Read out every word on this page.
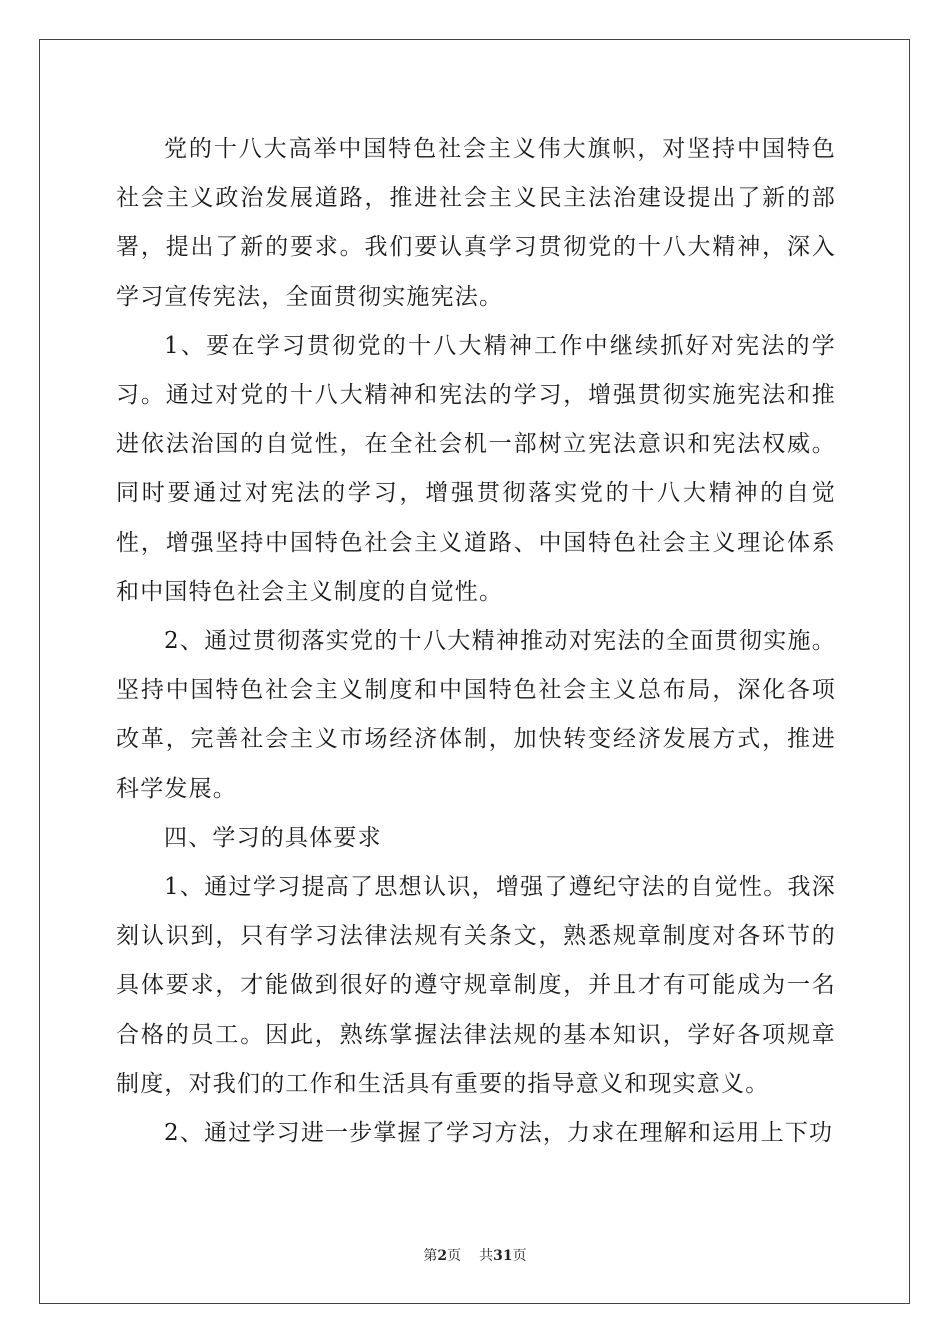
党的十八大高举中国特色社会主义伟大旗帜，对坚持中国特色社会主义政治发展道路，推进社会主义民主法治建设提出了新的部署，提出了新的要求。我们要认真学习贯彻党的十八大精神，深入学习宣传宪法，全面贯彻实施宪法。

1、要在学习贯彻党的十八大精神工作中继续抓好对宪法的学习。通过对党的十八大精神和宪法的学习，增强贯彻实施宪法和推进依法治国的自觉性，在全社会机一部树立宪法意识和宪法权威。同时要通过对宪法的学习，增强贯彻落实党的十八大精神的自觉性，增强坚持中国特色社会主义道路、中国特色社会主义理论体系和中国特色社会主义制度的自觉性。

2、通过贯彻落实党的十八大精神推动对宪法的全面贯彻实施。坚持中国特色社会主义制度和中国特色社会主义总布局，深化各项改革，完善社会主义市场经济体制，加快转变经济发展方式，推进科学发展。

四、学习的具体要求

1、通过学习提高了思想认识，增强了遵纪守法的自觉性。我深刻认识到，只有学习法律法规有关条文，熟悉规章制度对各环节的具体要求，才能做到很好的遵守规章制度，并且才有可能成为一名合格的员工。因此，熟练掌握法律法规的基本知识，学好各项规章制度，对我们的工作和生活具有重要的指导意义和现实意义。

2、通过学习进一步掌握了学习方法，力求在理解和运用上下功

第2页 共31页
